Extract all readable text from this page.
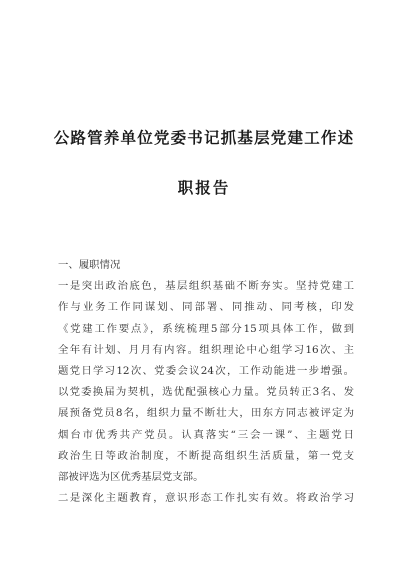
公路管养单位党委书记抓基层党建工作述
职报告
一、履职情况
一是突出政治底色，基层组织基础不断夯实。坚持党建工
作与业务工作同谋划、同部署、同推动、同考核，印发
《党建工作要点》，系统梳理5部分15项具体工作，做到
全年有计划、月月有内容。组织理论中心组学习16次、主
题党日学习12次、党委会议24次，工作动能进一步增强。
以党委换届为契机，选优配强核心力量。党员转正3名、发
展预备党员8名，组织力量不断壮大，田东方同志被评定为
烟台市优秀共产党员。认真落实“三会一课”、主题党日
政治生日等政治制度，不断提高组织生活质量，第一党支
部被评选为区优秀基层党支部。
二是深化主题教育，意识形态工作扎实有效。将政治学习
